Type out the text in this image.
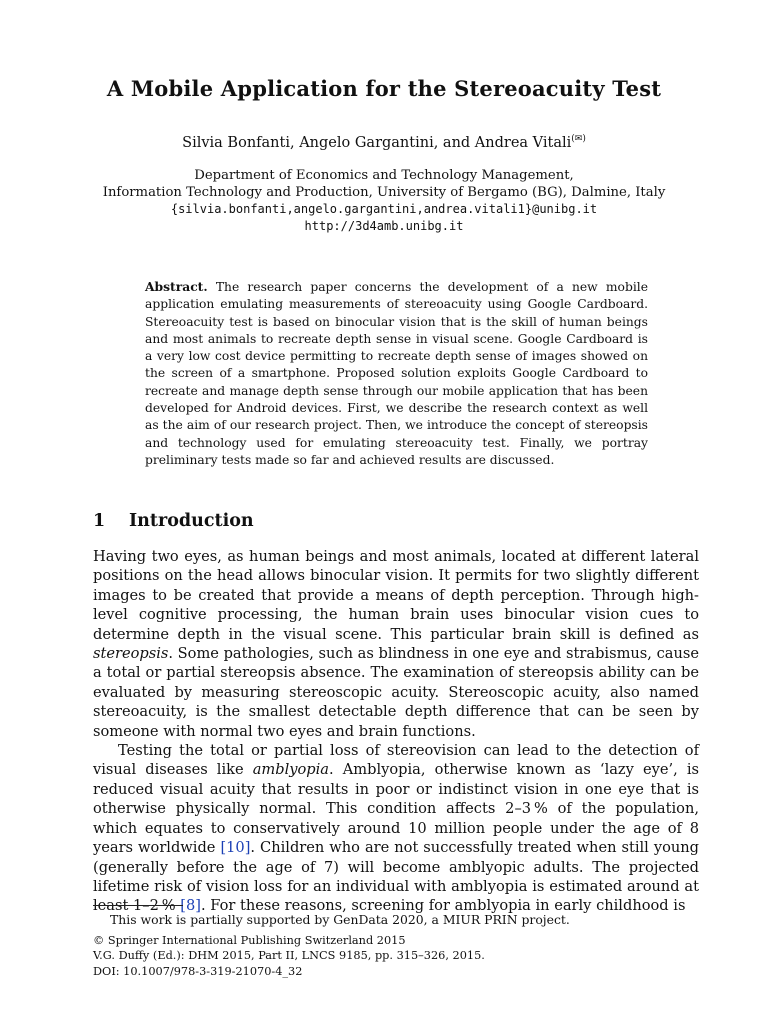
A Mobile Application for the Stereoacuity Test
Silvia Bonfanti, Angelo Gargantini, and Andrea Vitali(✉)
Department of Economics and Technology Management,
Information Technology and Production, University of Bergamo (BG), Dalmine, Italy
{silvia.bonfanti,angelo.gargantini,andrea.vitali1}@unibg.it
http://3d4amb.unibg.it
Abstract. The research paper concerns the development of a new mobile application emulating measurements of stereoacuity using Google Cardboard. Stereoacuity test is based on binocular vision that is the skill of human beings and most animals to recreate depth sense in visual scene. Google Cardboard is a very low cost device permitting to recreate depth sense of images showed on the screen of a smartphone. Proposed solution exploits Google Cardboard to recreate and manage depth sense through our mobile application that has been developed for Android devices. First, we describe the research context as well as the aim of our research project. Then, we introduce the concept of stereopsis and technology used for emulating stereoacuity test. Finally, we portray preliminary tests made so far and achieved results are discussed.
1 Introduction

Having two eyes, as human beings and most animals, located at different lateral positions on the head allows binocular vision. It permits for two slightly different images to be created that provide a means of depth perception. Through high-level cognitive processing, the human brain uses binocular vision cues to determine depth in the visual scene. This particular brain skill is defined as stereopsis. Some pathologies, such as blindness in one eye and strabismus, cause a total or partial stereopsis absence. The examination of stereopsis ability can be evaluated by measuring stereoscopic acuity. Stereoscopic acuity, also named stereoacuity, is the smallest detectable depth difference that can be seen by someone with normal two eyes and brain functions.

Testing the total or partial loss of stereovision can lead to the detection of visual diseases like amblyopia. Amblyopia, otherwise known as ‘lazy eye’, is reduced visual acuity that results in poor or indistinct vision in one eye that is otherwise physically normal. This condition affects 2–3 % of the population, which equates to conservatively around 10 million people under the age of 8 years worldwide [10]. Children who are not successfully treated when still young (generally before the age of 7) will become amblyopic adults. The projected lifetime risk of vision loss for an individual with amblyopia is estimated around at least 1–2 % [8]. For these reasons, screening for amblyopia in early childhood is

This work is partially supported by GenData 2020, a MIUR PRIN project.
© Springer International Publishing Switzerland 2015
V.G. Duffy (Ed.): DHM 2015, Part II, LNCS 9185, pp. 315–326, 2015.
DOI: 10.1007/978-3-319-21070-4_32
